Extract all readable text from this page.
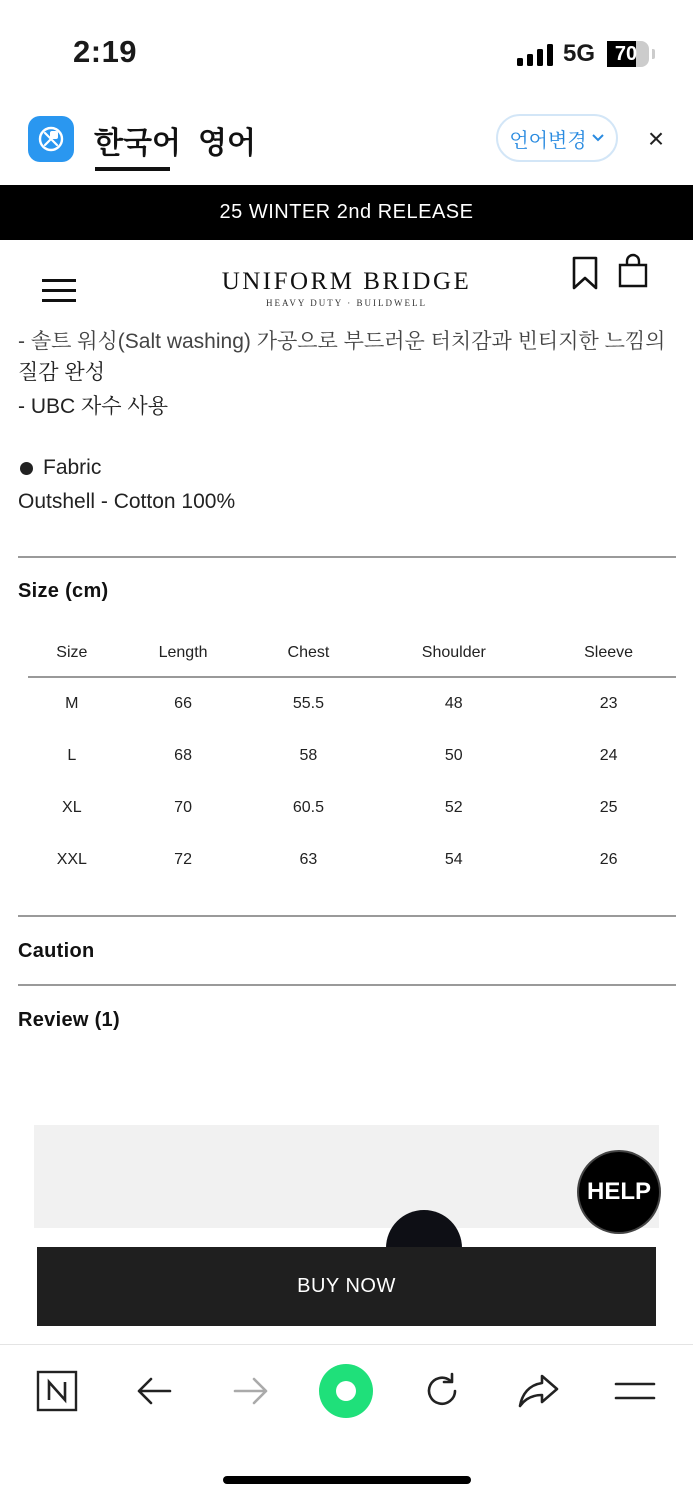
2:19	5G 70
한국어 영어	언어변경 ×
25 WINTER 2nd RELEASE
UNIFORM BRIDGE
HEAVY DUTY · BUILDWELL
- 솔트 워싱(Salt washing) 가공으로 부드러운 터치감과 빈티지한 느낌의
질감 완성
- UBC 자수 사용
Fabric
Outshell - Cotton 100%
Size (cm)
Size	Length	Chest	Shoulder	Sleeve
M	66	55.5	48	23
L	68	58	50	24
XL	70	60.5	52	25
XXL	72	63	54	26
Caution
Review (1)
HELP
BUY NOW
